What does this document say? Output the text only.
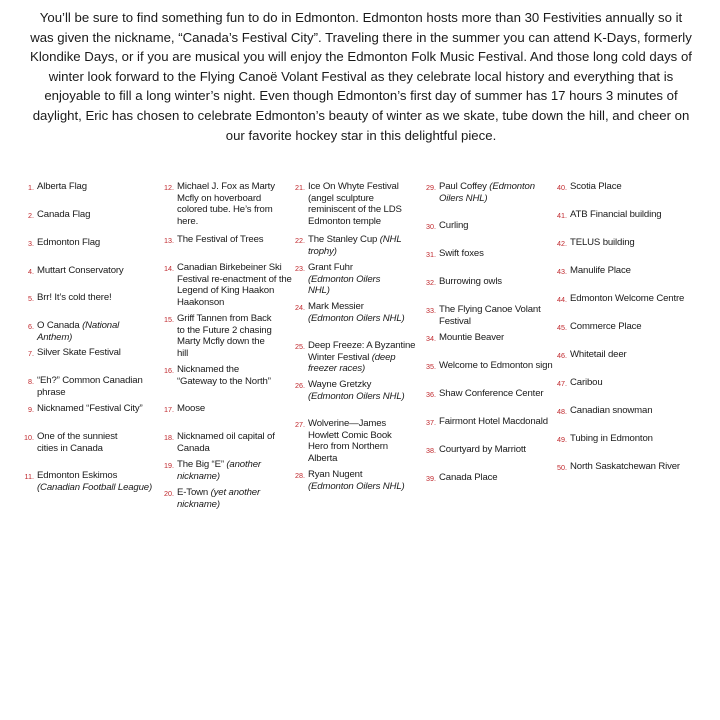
You’ll be sure to find something fun to do in Edmonton. Edmonton hosts more than 30 Festivities annually so it was given the nickname, “Canada’s Festival City”. Traveling there in the summer you can attend K-Days, formerly Klondike Days, or if you are musical you will enjoy the Edmonton Folk Music Festival. And those long cold days of winter look forward to the Flying Canoë Volant Festival as they celebrate local history and everything that is enjoyable to fill a long winter’s night. Even though Edmonton’s first day of summer has 17 hours 3 minutes of daylight, Eric has chosen to celebrate Edmonton’s beauty of winter as we skate, tube down the hill, and cheer on our favorite hockey star in this delightful piece.

1. Alberta Flag
2. Canada Flag
3. Edmonton Flag
4. Muttart Conservatory
5. Brr! It’s cold there!
6. O Canada (National Anthem)
7. Silver Skate Festival
8. “Eh?” Common Canadian phrase
9. Nicknamed “Festival City”
10. One of the sunniest cities in Canada
11. Edmonton Eskimos (Canadian Football League)
12. Michael J. Fox as Marty Mcfly on hoverboard colored tube. He’s from here.
13. The Festival of Trees
14. Canadian Birkebeiner Ski Festival re-enactment of the Legend of King Haakon Haakonson
15. Griff Tannen from Back to the Future 2 chasing Marty Mcfly down the hill
16. Nicknamed the “Gateway to the North”
17. Moose
18. Nicknamed oil capital of Canada
19. The Big “E” (another nickname)
20. E-Town (yet another nickname)
21. Ice On Whyte Festival (angel sculpture reminiscent of the LDS Edmonton temple
22. The Stanley Cup (NHL trophy)
23. Grant Fuhr (Edmonton Oilers NHL)
24. Mark Messier (Edmonton Oilers NHL)
25. Deep Freeze: A Byzantine Winter Festival (deep freezer races)
26. Wayne Gretzky (Edmonton Oilers NHL)
27. Wolverine—James Howlett Comic Book Hero from Northern Alberta
28. Ryan Nugent (Edmonton Oilers NHL)
29. Paul Coffey (Edmonton Oilers NHL)
30. Curling
31. Swift foxes
32. Burrowing owls
33. The Flying Canoe Volant Festival
34. Mountie Beaver
35. Welcome to Edmonton sign
36. Shaw Conference Center
37. Fairmont Hotel Macdonald
38. Courtyard by Marriott
39. Canada Place
40. Scotia Place
41. ATB Financial building
42. TELUS building
43. Manulife Place
44. Edmonton Welcome Centre
45. Commerce Place
46. Whitetail deer
47. Caribou
48. Canadian snowman
49. Tubing in Edmonton
50. North Saskatchewan River
